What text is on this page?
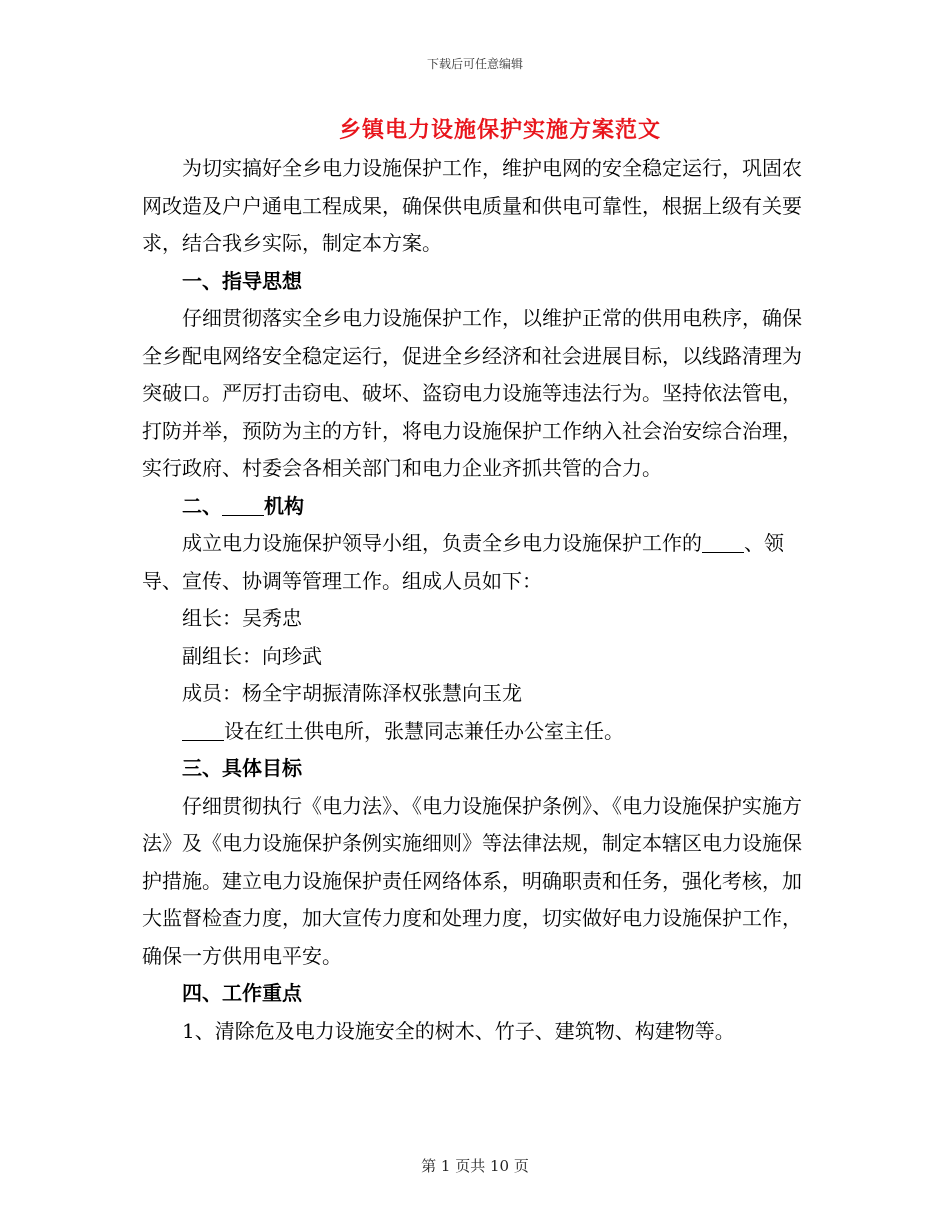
下载后可任意编辑
乡镇电力设施保护实施方案范文

为切实搞好全乡电力设施保护工作，维护电网的安全稳定运行，巩固农网改造及户户通电工程成果，确保供电质量和供电可靠性，根据上级有关要求，结合我乡实际，制定本方案。

一、指导思想

仔细贯彻落实全乡电力设施保护工作，以维护正常的供用电秩序，确保全乡配电网络安全稳定运行，促进全乡经济和社会进展目标，以线路清理为突破口。严厉打击窃电、破坏、盗窃电力设施等违法行为。坚持依法管电，打防并举，预防为主的方针，将电力设施保护工作纳入社会治安综合治理，实行政府、村委会各相关部门和电力企业齐抓共管的合力。

二、 机构

成立电力设施保护领导小组，负责全乡电力设施保护工作的 、领导、宣传、协调等管理工作。组成人员如下：

组长：吴秀忠

副组长：向珍武

成员：杨全宇胡振清陈泽权张慧向玉龙

设在红土供电所，张慧同志兼任办公室主任。

三、具体目标

仔细贯彻执行《电力法》、《电力设施保护条例》、《电力设施保护实施方法》及《电力设施保护条例实施细则》等法律法规，制定本辖区电力设施保护措施。建立电力设施保护责任网络体系，明确职责和任务，强化考核，加大监督检查力度，加大宣传力度和处理力度，切实做好电力设施保护工作，确保一方供用电平安。

四、工作重点

1、清除危及电力设施安全的树木、竹子、建筑物、构建物等。

第 1 页共 10 页
